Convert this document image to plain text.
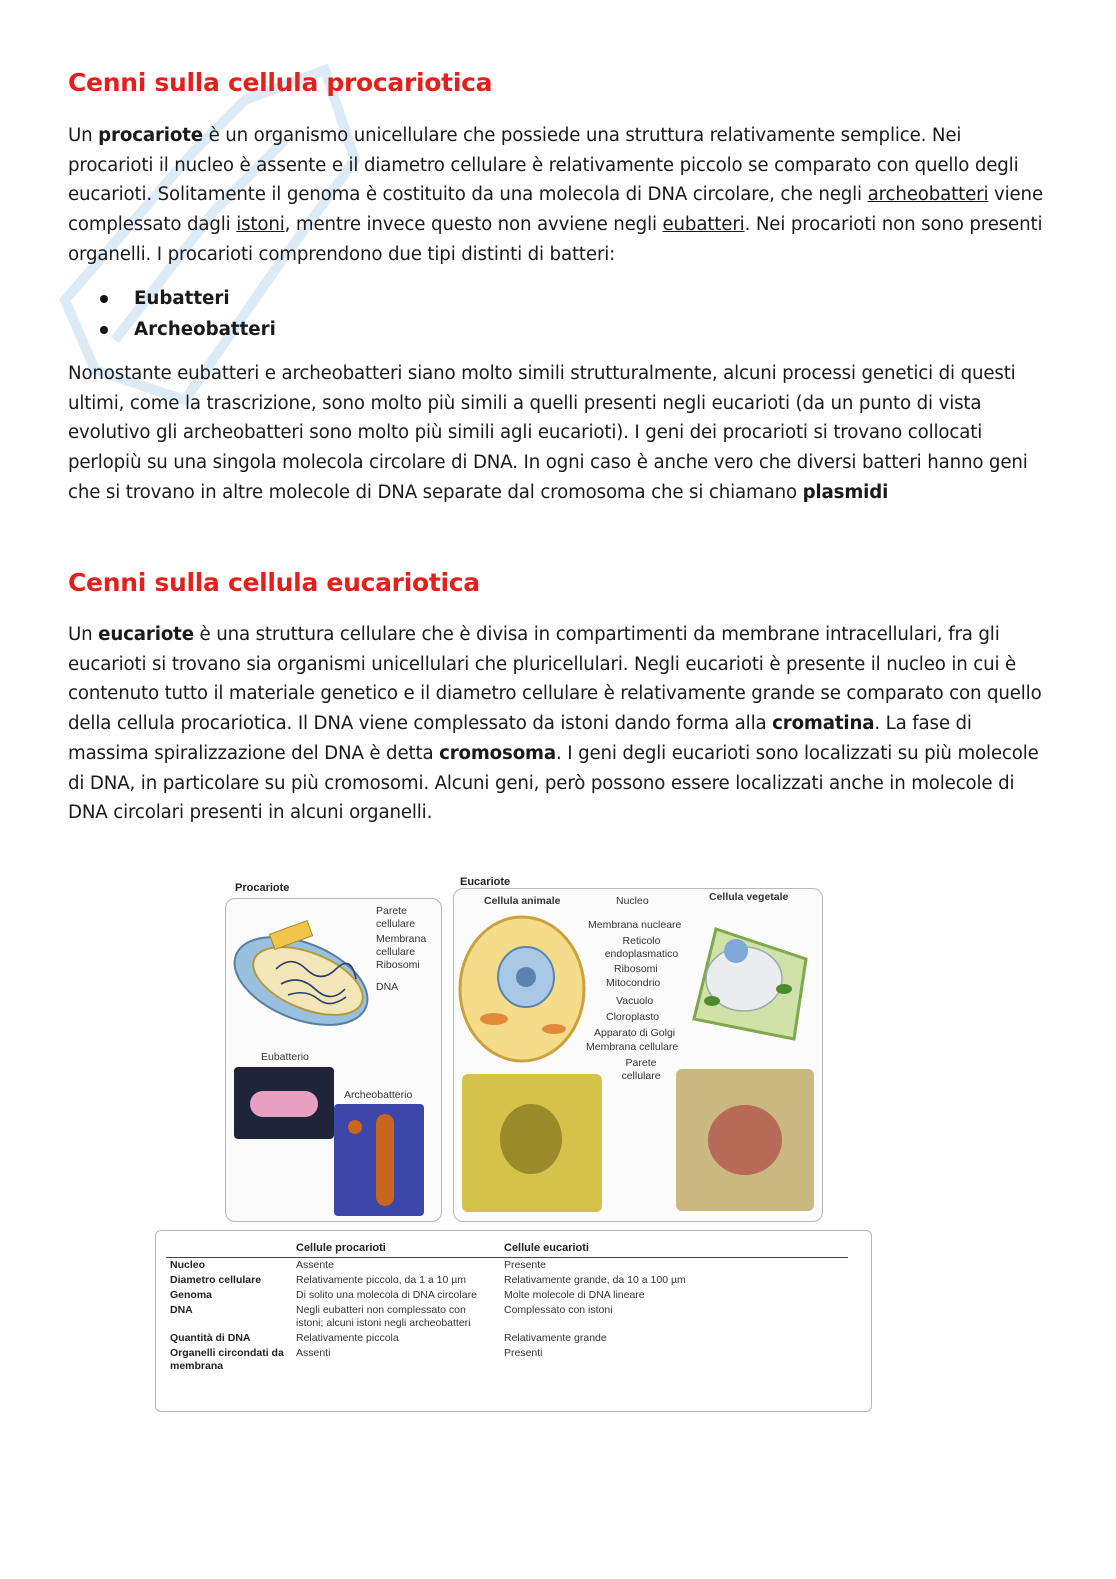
Cenni sulla cellula procariotica

Un procariote è un organismo unicellulare che possiede una struttura relativamente semplice. Nei procarioti il nucleo è assente e il diametro cellulare è relativamente piccolo se comparato con quello degli eucarioti. Solitamente il genoma è costituito da una molecola di DNA circolare, che negli archeobatteri viene complessato dagli istoni, mentre invece questo non avviene negli eubatteri. Nei procarioti non sono presenti organelli. I procarioti comprendono due tipi distinti di batteri:

Eubatteri
Archeobatteri

Nonostante eubatteri e archeobatteri siano molto simili strutturalmente, alcuni processi genetici di questi ultimi, come la trascrizione, sono molto più simili a quelli presenti negli eucarioti (da un punto di vista evolutivo gli archeobatteri sono molto più simili agli eucarioti). I geni dei procarioti si trovano collocati perlopiù su una singola molecola circolare di DNA. In ogni caso è anche vero che diversi batteri hanno geni che si trovano in altre molecole di DNA separate dal cromosoma che si chiamano plasmidi

Cenni sulla cellula eucariotica

Un eucariote è una struttura cellulare che è divisa in compartimenti da membrane intracellulari, fra gli eucarioti si trovano sia organismi unicellulari che pluricellulari. Negli eucarioti è presente il nucleo in cui è contenuto tutto il materiale genetico e il diametro cellulare è relativamente grande se comparato con quello della cellula procariotica. Il DNA viene complessato da istoni dando forma alla cromatina. La fase di massima spiralizzazione del DNA è detta cromosoma. I geni degli eucarioti sono localizzati su più molecole di DNA, in particolare su più cromosomi. Alcuni geni, però possono essere localizzati anche in molecole di DNA circolari presenti in alcuni organelli.

Procariote	Eucariote
Parete cellulare
Membrana cellulare
Ribosomi
DNA
Eubatterio
Archeobatterio
Cellula animale	Cellula vegetale
Nucleo
Membrana nucleare
Reticolo endoplasmatico
Ribosomi
Mitocondrio
Vacuolo
Cloroplasto
Apparato di Golgi
Membrana cellulare
Parete cellulare
	Cellule procarioti	Cellule eucarioti
Nucleo	Assente	Presente
Diametro cellulare	Relativamente piccolo, da 1 a 10 µm	Relativamente grande, da 10 a 100 µm
Genoma	Di solito una molecola di DNA circolare	Molte molecole di DNA lineare
DNA	Negli eubatteri non complessato con istoni; alcuni istoni negli archeobatteri	Complessato con istoni
Quantità di DNA	Relativamente piccola	Relativamente grande
Organelli circondati da membrana	Assenti	Presenti
